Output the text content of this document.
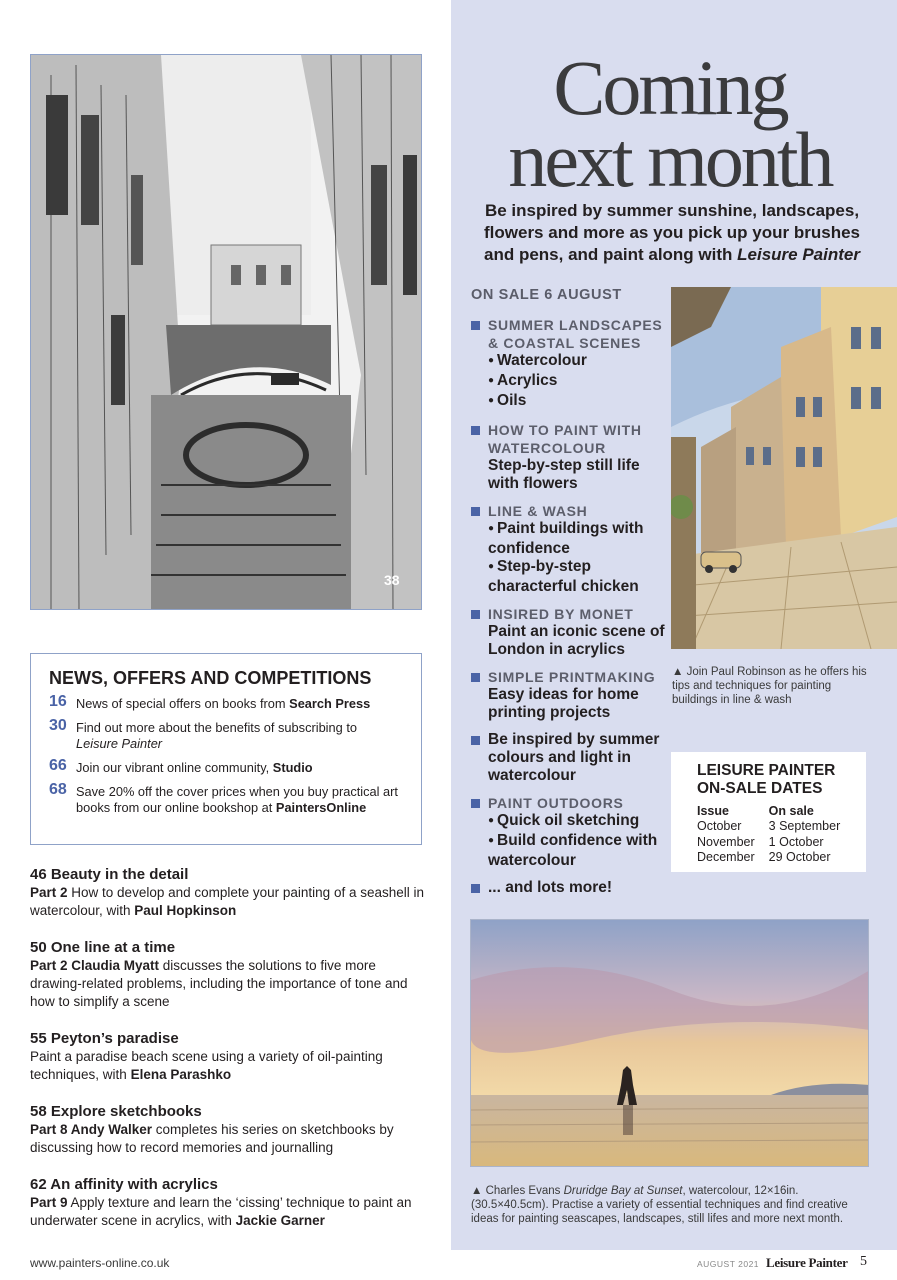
38
Coming
next month
Be inspired by summer sunshine, landscapes, flowers and more as you pick up your brushes and pens, and paint along with Leisure Painter
ON SALE 6 AUGUST
SUMMER LANDSCAPES & COASTAL SCENES
● Watercolour
● Acrylics
● Oils
HOW TO PAINT WITH WATERCOLOUR
Step-by-step still life with flowers
LINE & WASH
● Paint buildings with confidence
● Step-by-step characterful chicken
INSIRED BY MONET
Paint an iconic scene of London in acrylics
SIMPLE PRINTMAKING
Easy ideas for home printing projects
Be inspired by summer colours and light in watercolour
PAINT OUTDOORS
● Quick oil sketching
● Build confidence with watercolour
... and lots more!
▲ Join Paul Robinson as he offers his tips and techniques for painting buildings in line & wash
LEISURE PAINTER
ON-SALE DATES
Issue	On sale
October	3 September
November	1 October
December	29 October
▲ Charles Evans Druridge Bay at Sunset, watercolour, 12×16in. (30.5×40.5cm). Practise a variety of essential techniques and find creative ideas for painting seascapes, landscapes, still lifes and more next month.
NEWS, OFFERS AND COMPETITIONS
16 News of special offers on books from Search Press
30 Find out more about the benefits of subscribing to
Leisure Painter
66 Join our vibrant online community, Studio
68 Save 20% off the cover prices when you buy practical art books from our online bookshop at PaintersOnline
46 Beauty in the detail

Part 2 How to develop and complete your painting of a seashell in watercolour, with Paul Hopkinson

50 One line at a time

Part 2 Claudia Myatt discusses the solutions to five more drawing-related problems, including the importance of tone and how to simplify a scene

55 Peyton’s paradise

Paint a paradise beach scene using a variety of oil-painting techniques, with Elena Parashko

58 Explore sketchbooks

Part 8 Andy Walker completes his series on sketchbooks by discussing how to record memories and journalling

62 An affinity with acrylics

Part 9 Apply texture and learn the ‘cissing’ technique to paint an underwater scene in acrylics, with Jackie Garner

www.painters-online.co.uk	AUGUST 2021 Leisure Painter 5
